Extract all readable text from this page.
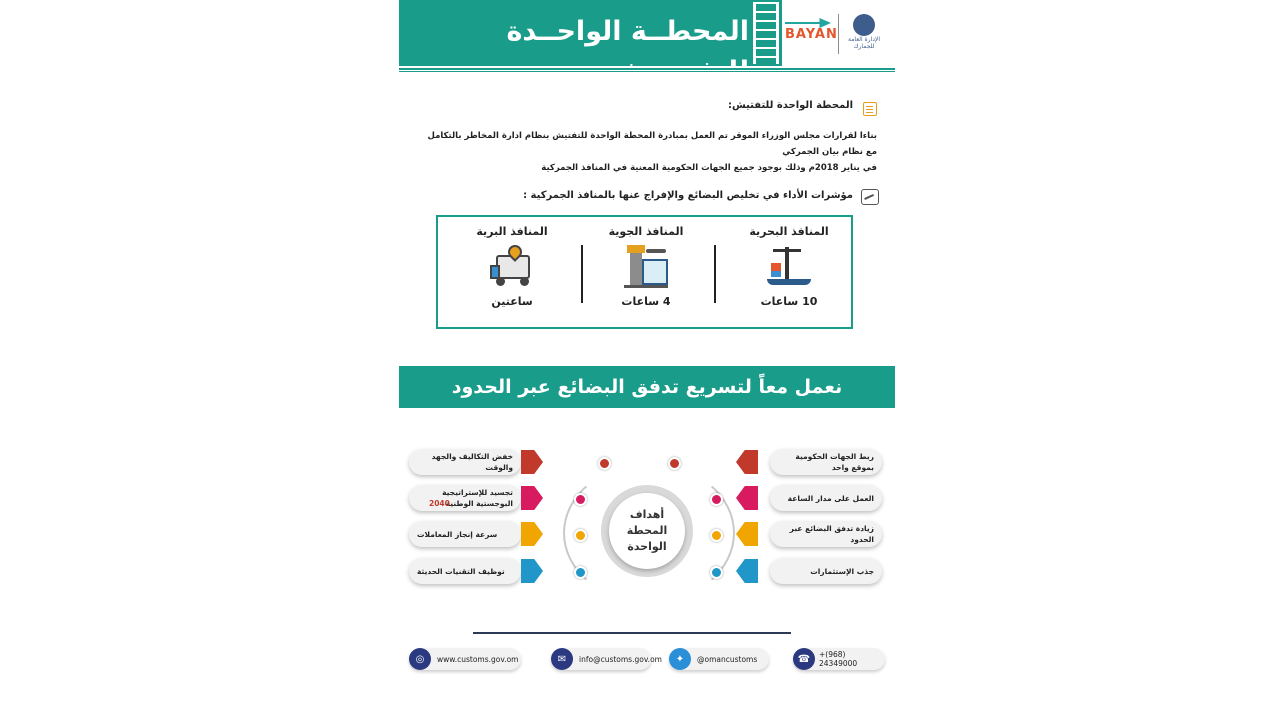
المحطــة الواحــدة	BAYAN	الإدارة العامة للجمارك
المحطة الواحدة للتفتيش:
بناءا لقرارات مجلس الوزراء الموقر تم العمل بمبادرة المحطة الواحدة للتفتيش بنظام ادارة المخاطر بالتكامل مع نظام بيان الجمركي
في يناير 2018م وذلك بوجود جميع الجهات الحكومية المعنية في المنافذ الجمركية
مؤشرات الأداء في تخليص البضائع والإفراج عنها بالمنافذ الجمركية :
المنافذ البحرية
10 ساعات
المنافذ الجوية
4 ساعات
المنافذ البرية
ساعتين
نعمل معاً لتسريع تدفق البضائع عبر الحدود
أهداف
المحطة
الواحدة
ربط الجهات الحكومية بموقع واحد
خفض التكاليف والجهد والوقت
العمل على مدار الساعة
تجسيد للإستراتيجية البوجستية الوطنية
2040
زيادة تدفق البضائع عبر الحدود
سرعة إنجاز المعاملات
جذب الإستثمارات
توظيف التقنيات الحديثة
◎	www.customs.gov.om	✉	info@customs.gov.om	✦	@omancustoms	☎	+(968) 24349000
